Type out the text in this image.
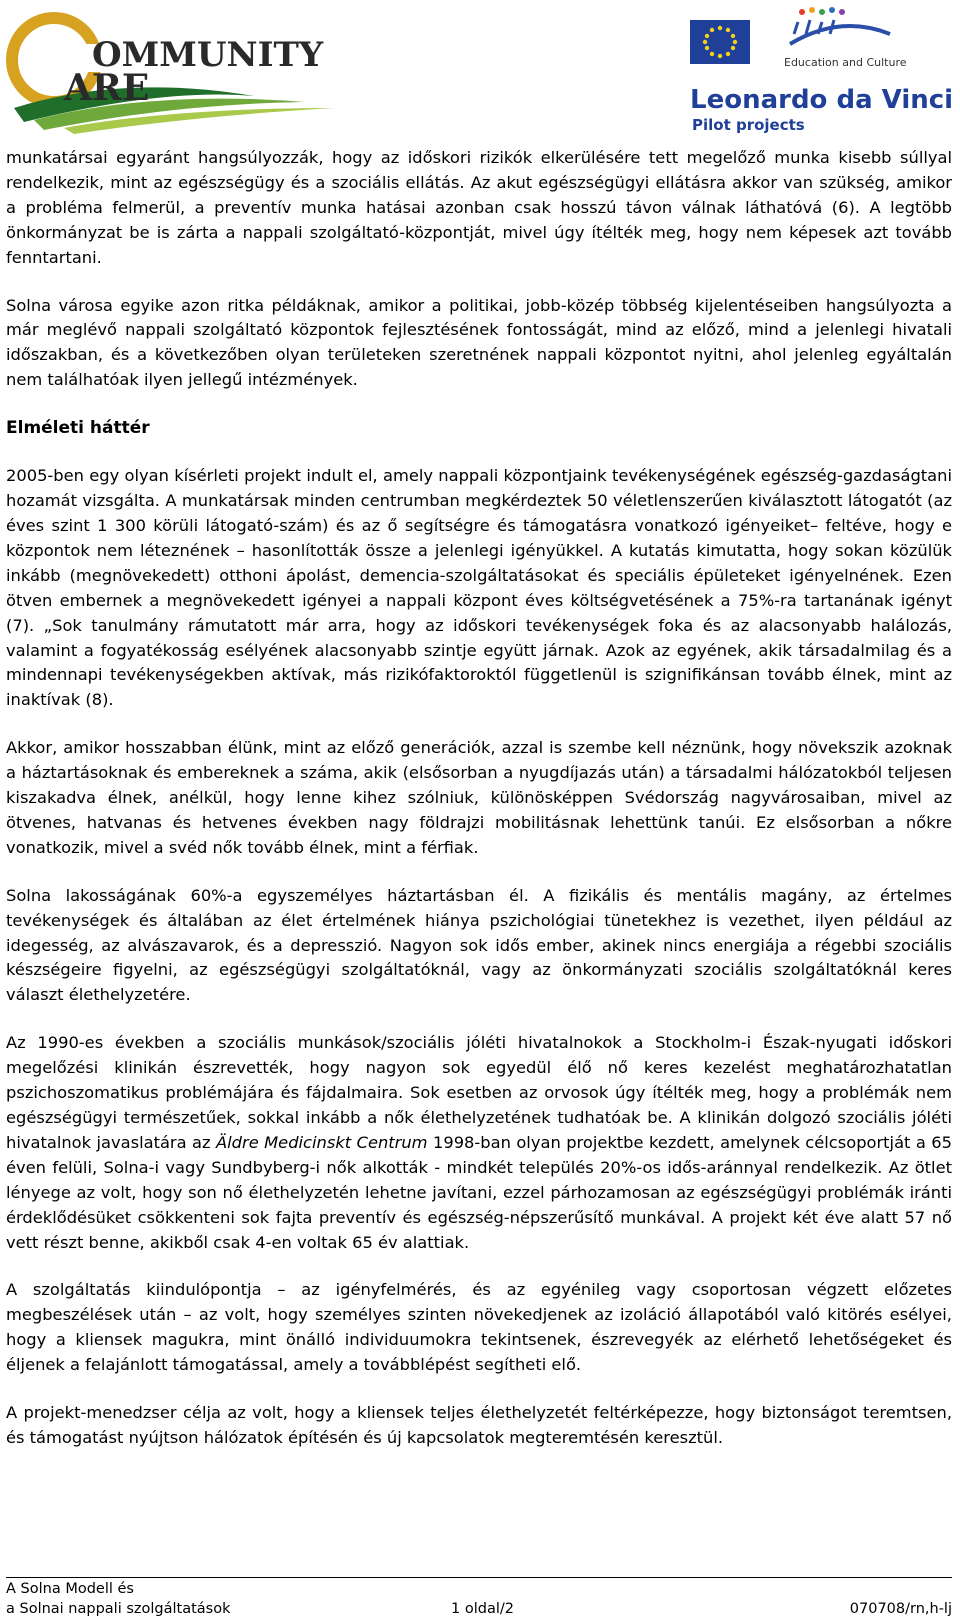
OMMUNITY
ARE
Education and Culture
Leonardo da Vinci
Pilot projects

munkatársai egyaránt hangsúlyozzák, hogy az időskori rizikók elkerülésére tett megelőző munka kisebb súllyal rendelkezik, mint az egészségügy és a szociális ellátás. Az akut egészségügyi ellátásra akkor van szükség, amikor a probléma felmerül, a preventív munka hatásai azonban csak hosszú távon válnak láthatóvá (6). A legtöbb önkormányzat be is zárta a nappali szolgáltató-központját, mivel úgy ítélték meg, hogy nem képesek azt tovább fenntartani.

Solna városa egyike azon ritka példáknak, amikor a politikai, jobb-közép többség kijelentéseiben hangsúlyozta a már meglévő nappali szolgáltató központok fejlesztésének fontosságát, mind az előző, mind a jelenlegi hivatali időszakban, és a következőben olyan területeken szeretnének nappali központot nyitni, ahol jelenleg egyáltalán nem találhatóak ilyen jellegű intézmények.

Elméleti háttér

2005-ben egy olyan kísérleti projekt indult el, amely nappali központjaink tevékenységének egészség-gazdaságtani hozamát vizsgálta. A munkatársak minden centrumban megkérdeztek 50 véletlenszerűen kiválasztott látogatót (az éves szint 1 300 körüli látogató-szám) és az ő segítségre és támogatásra vonatkozó igényeiket– feltéve, hogy e központok nem léteznének – hasonlították össze a jelenlegi igényükkel. A kutatás kimutatta, hogy sokan közülük inkább (megnövekedett) otthoni ápolást, demencia-szolgáltatásokat és speciális épületeket igényelnének. Ezen ötven embernek a megnövekedett igényei a nappali központ éves költségvetésének a 75%-ra tartanának igényt (7). „Sok tanulmány rámutatott már arra, hogy az időskori tevékenységek foka és az alacsonyabb halálozás, valamint a fogyatékosság esélyének alacsonyabb szintje együtt járnak. Azok az egyének, akik társadalmilag és a mindennapi tevékenységekben aktívak, más rizikófaktoroktól függetlenül is szignifikánsan tovább élnek, mint az inaktívak (8).

Akkor, amikor hosszabban élünk, mint az előző generációk, azzal is szembe kell néznünk, hogy növekszik azoknak a háztartásoknak és embereknek a száma, akik (elsősorban a nyugdíjazás után) a társadalmi hálózatokból teljesen kiszakadva élnek, anélkül, hogy lenne kihez szólniuk, különösképpen Svédország nagyvárosaiban, mivel az ötvenes, hatvanas és hetvenes években nagy földrajzi mobilitásnak lehettünk tanúi. Ez elsősorban a nőkre vonatkozik, mivel a svéd nők tovább élnek, mint a férfiak.

Solna lakosságának 60%-a egyszemélyes háztartásban él. A fizikális és mentális magány, az értelmes tevékenységek és általában az élet értelmének hiánya pszichológiai tünetekhez is vezethet, ilyen például az idegesség, az alvászavarok, és a depresszió. Nagyon sok idős ember, akinek nincs energiája a régebbi szociális készségeire figyelni, az egészségügyi szolgáltatóknál, vagy az önkormányzati szociális szolgáltatóknál keres választ élethelyzetére.

Az 1990-es években a szociális munkások/szociális jóléti hivatalnokok a Stockholm-i Észak-nyugati időskori megelőzési klinikán észrevették, hogy nagyon sok egyedül élő nő keres kezelést meghatározhatatlan pszichoszomatikus problémájára és fájdalmaira. Sok esetben az orvosok úgy ítélték meg, hogy a problémák nem egészségügyi természetűek, sokkal inkább a nők élethelyzetének tudhatóak be. A klinikán dolgozó szociális jóléti hivatalnok javaslatára az Äldre Medicinskt Centrum 1998-ban olyan projektbe kezdett, amelynek célcsoportját a 65 éven felüli, Solna-i vagy Sundbyberg-i nők alkották - mindkét település 20%-os idős-aránnyal rendelkezik. Az ötlet lényege az volt, hogy son nő élethelyzetén lehetne javítani, ezzel párhozamosan az egészségügyi problémák iránti érdeklődésüket csökkenteni sok fajta preventív és egészség-népszerűsítő munkával. A projekt két éve alatt 57 nő vett részt benne, akikből csak 4-en voltak 65 év alattiak.

A szolgáltatás kiindulópontja – az igényfelmérés, és az egyénileg vagy csoportosan végzett előzetes megbeszélések után – az volt, hogy személyes szinten növekedjenek az izoláció állapotából való kitörés esélyei, hogy a kliensek magukra, mint önálló individuumokra tekintsenek, észrevegyék az elérhető lehetőségeket és éljenek a felajánlott támogatással, amely a továbblépést segítheti elő.

A projekt-menedzser célja az volt, hogy a kliensek teljes élethelyzetét feltérképezze, hogy biztonságot teremtsen, és támogatást nyújtson hálózatok építésén és új kapcsolatok megteremtésén keresztül.

A Solna Modell és
a Solnai nappali szolgáltatások	1 oldal/2	070708/rn,h-lj
